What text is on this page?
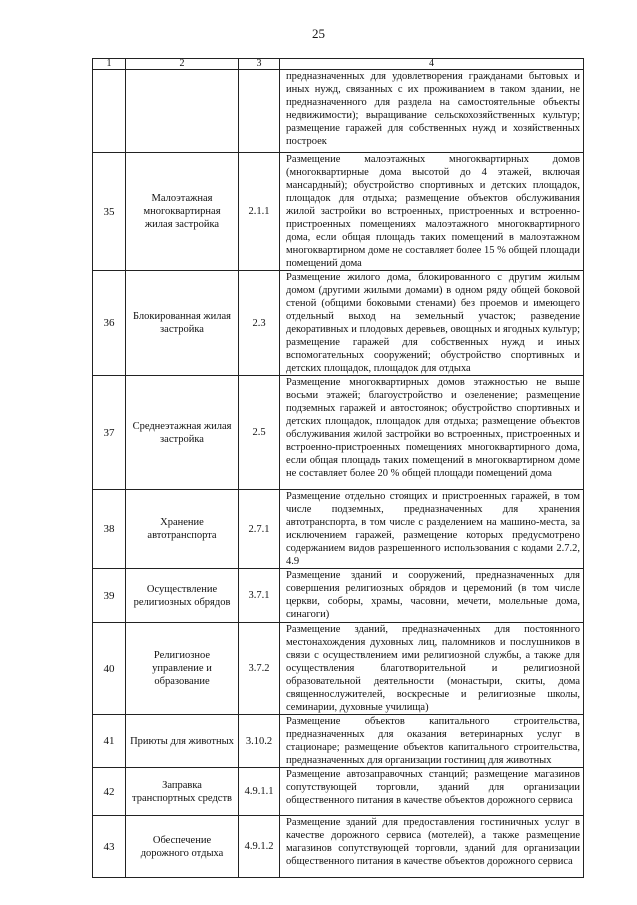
25
1	2	3	4

			предназначенных для удовлетворения гражданами бытовых и иных нужд, связанных с их проживанием в таком здании, не предназначенного для раздела на самостоятельные объекты недвижимости); выращивание сельскохозяйственных культур; размещение гаражей для собственных нужд и хозяйственных построек

35	Малоэтажная многоквартирная жилая застройка	2.1.1	Размещение малоэтажных многоквартирных домов (многоквартирные дома высотой до 4 этажей, включая мансардный); обустройство спортивных и детских площадок, площадок для отдыха; размещение объектов обслуживания жилой застройки во встроенных, пристроенных и встроенно-пристроенных помещениях малоэтажного многоквартирного дома, если общая площадь таких помещений в малоэтажном многоквартирном доме не составляет более 15 % общей площади помещений дома

36	Блокированная жилая застройка	2.3	Размещение жилого дома, блокированного с другим жилым домом (другими жилыми домами) в одном ряду общей боковой стеной (общими боковыми стенами) без проемов и имеющего отдельный выход на земельный участок; разведение декоративных и плодовых деревьев, овощных и ягодных культур; размещение гаражей для собственных нужд и иных вспомогательных сооружений; обустройство спортивных и детских площадок, площадок для отдыха

37	Среднеэтажная жилая застройка	2.5	Размещение многоквартирных домов этажностью не выше восьми этажей; благоустройство и озеленение; размещение подземных гаражей и автостоянок; обустройство спортивных и детских площадок, площадок для отдыха; размещение объектов обслуживания жилой застройки во встроенных, пристроенных и встроенно-пристроенных помещениях многоквартирного дома, если общая площадь таких помещений в многоквартирном доме не составляет более 20 % общей площади помещений дома

38	Хранение автотранспорта	2.7.1	Размещение отдельно стоящих и пристроенных гаражей, в том числе подземных, предназначенных для хранения автотранспорта, в том числе с разделением на машино-места, за исключением гаражей, размещение которых предусмотрено содержанием видов разрешенного использования с кодами 2.7.2, 4.9

39	Осуществление религиозных обрядов	3.7.1	Размещение зданий и сооружений, предназначенных для совершения религиозных обрядов и церемоний (в том числе церкви, соборы, храмы, часовни, мечети, молельные дома, синагоги)

40	Религиозное управление и образование	3.7.2	Размещение зданий, предназначенных для постоянного местонахождения духовных лиц, паломников и послушников в связи с осуществлением ими религиозной службы, а также для осуществления благотворительной и религиозной образовательной деятельности (монастыри, скиты, дома священнослужителей, воскресные и религиозные школы, семинарии, духовные училища)

41	Приюты для животных	3.10.2	Размещение объектов капитального строительства, предназначенных для оказания ветеринарных услуг в стационаре; размещение объектов капитального строительства, предназначенных для организации гостиниц для животных

42	Заправка транспортных средств	4.9.1.1	Размещение автозаправочных станций; размещение магазинов сопутствующей торговли, зданий для организации общественного питания в качестве объектов дорожного сервиса

43	Обеспечение дорожного отдыха	4.9.1.2	Размещение зданий для предоставления гостиничных услуг в качестве дорожного сервиса (мотелей), а также размещение магазинов сопутствующей торговли, зданий для организации общественного питания в качестве объектов дорожного сервиса
